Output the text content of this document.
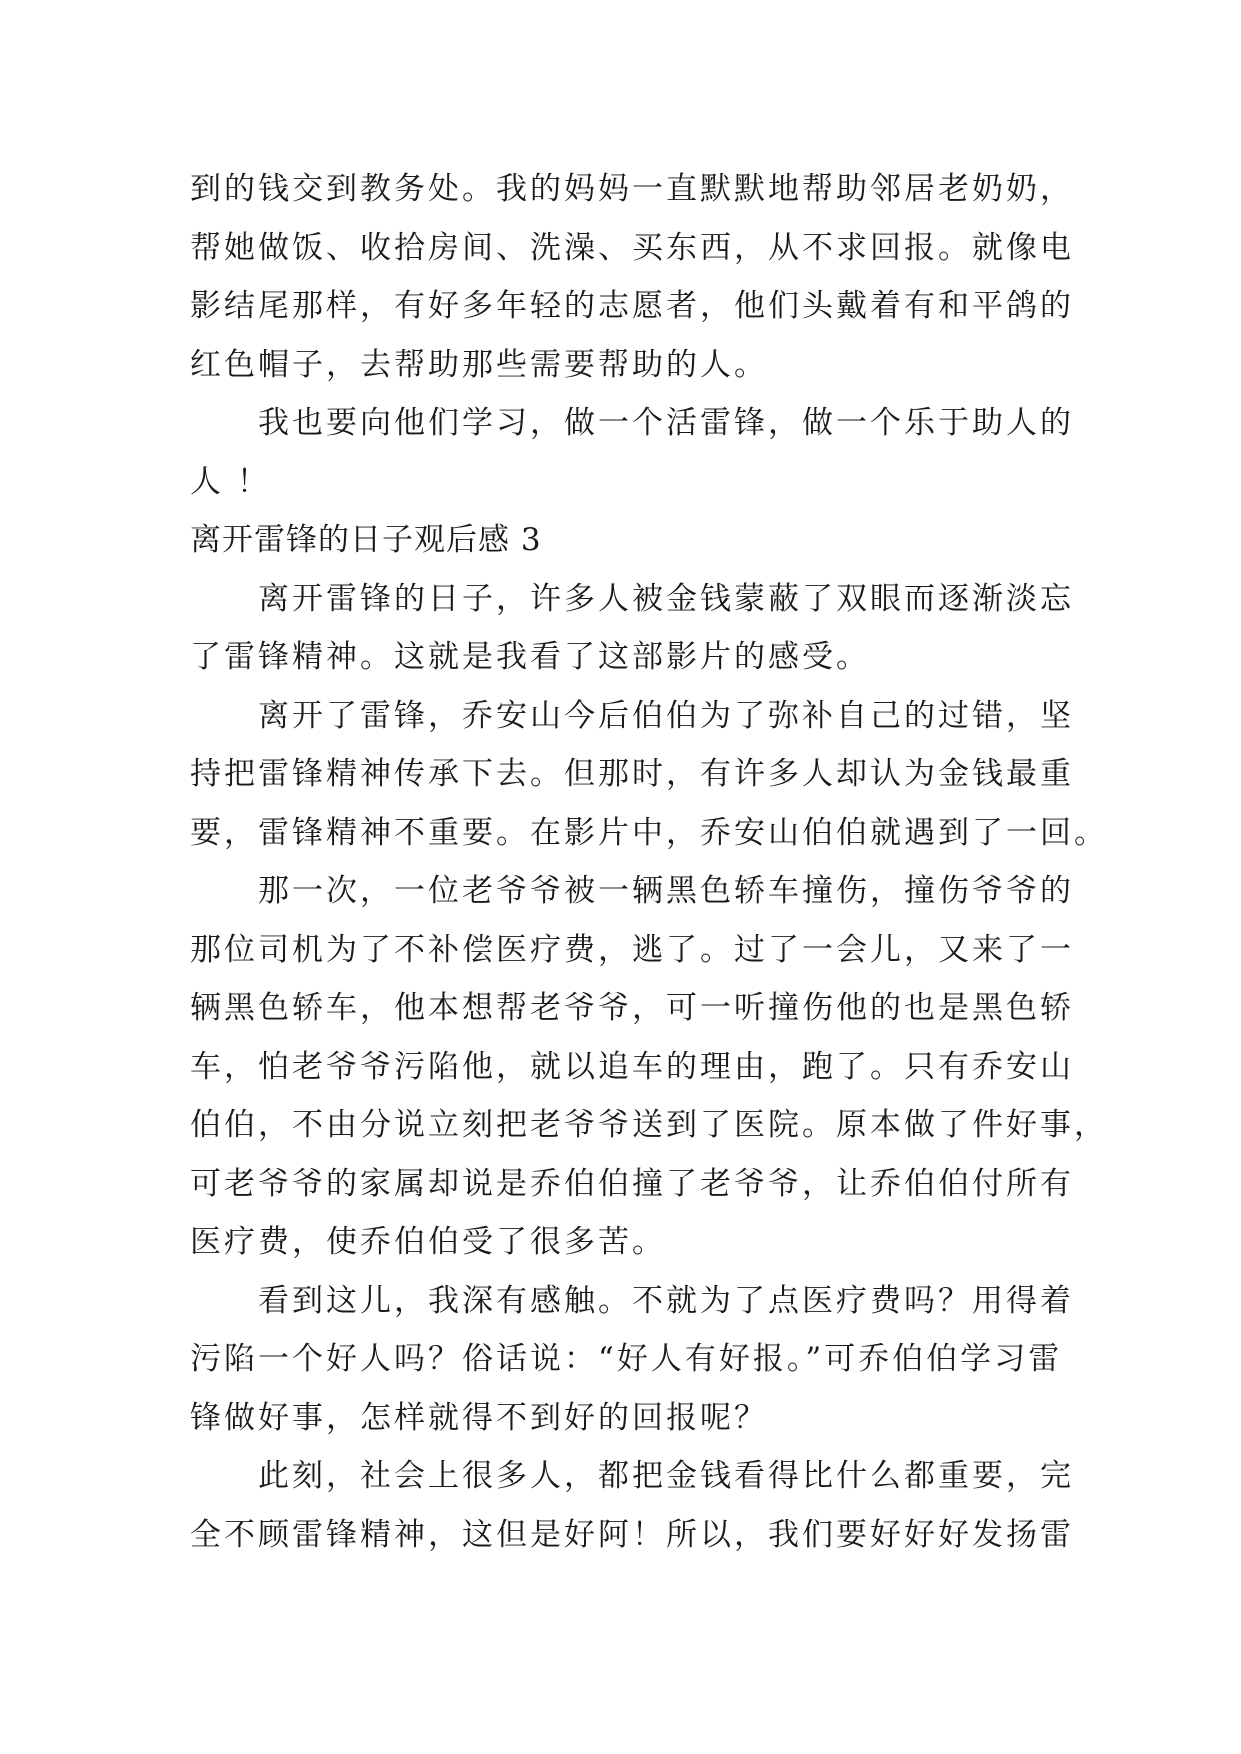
到的钱交到教务处。我的妈妈一直默默地帮助邻居老奶奶，
帮她做饭、收拾房间、洗澡、买东西，从不求回报。就像电
影结尾那样，有好多年轻的志愿者，他们头戴着有和平鸽的
红色帽子，去帮助那些需要帮助的人。
我也要向他们学习，做一个活雷锋，做一个乐于助人的
人 ！
离开雷锋的日子观后感 3
离开雷锋的日子，许多人被金钱蒙蔽了双眼而逐渐淡忘
了雷锋精神。这就是我看了这部影片的感受。
离开了雷锋，乔安山今后伯伯为了弥补自己的过错，坚
持把雷锋精神传承下去。但那时，有许多人却认为金钱最重
要，雷锋精神不重要。在影片中，乔安山伯伯就遇到了一回。
那一次，一位老爷爷被一辆黑色轿车撞伤，撞伤爷爷的
那位司机为了不补偿医疗费，逃了。过了一会儿，又来了一
辆黑色轿车，他本想帮老爷爷，可一听撞伤他的也是黑色轿
车，怕老爷爷污陷他，就以追车的理由，跑了。只有乔安山
伯伯，不由分说立刻把老爷爷送到了医院。原本做了件好事，
可老爷爷的家属却说是乔伯伯撞了老爷爷，让乔伯伯付所有
医疗费，使乔伯伯受了很多苦。
看到这儿，我深有感触。不就为了点医疗费吗？用得着
污陷一个好人吗？俗话说：“好人有好报。”可乔伯伯学习雷
锋做好事，怎样就得不到好的回报呢？
此刻，社会上很多人，都把金钱看得比什么都重要，完
全不顾雷锋精神，这但是好阿！所以，我们要好好好发扬雷
